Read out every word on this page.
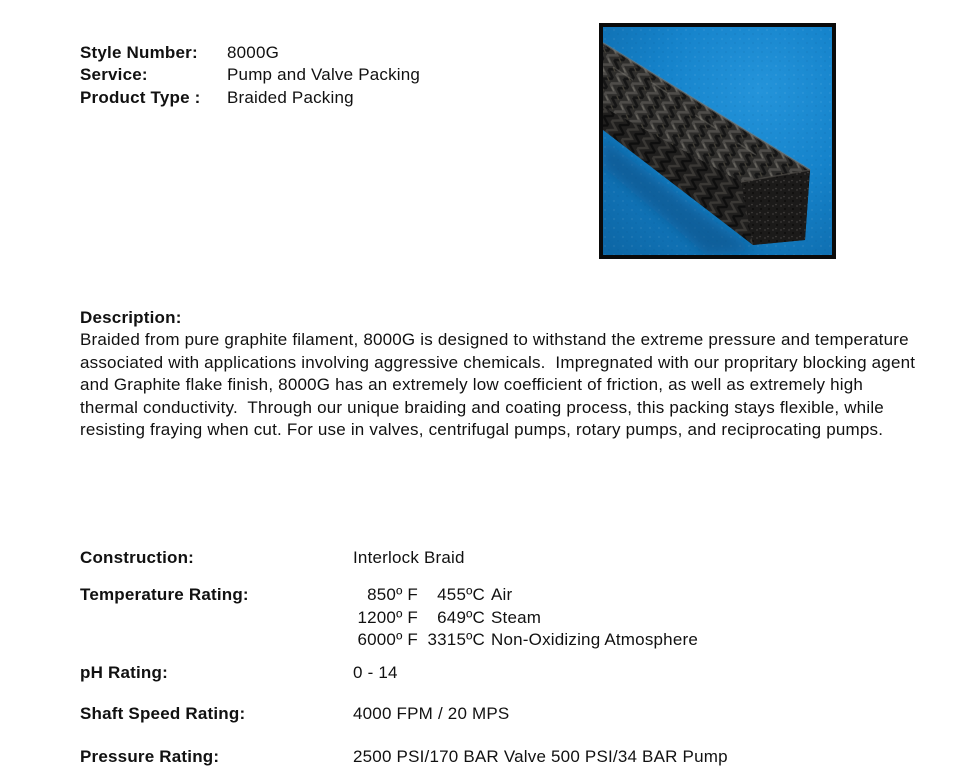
Style Number:	8000G
Service:	Pump and Valve Packing
Product Type :	Braided Packing
Description:

Braided from pure graphite filament, 8000G is designed to withstand the extreme pressure and temperature associated with applications involving aggressive chemicals.  Impregnated with our propritary blocking agent and Graphite flake finish, 8000G has an extremely low coefficient of friction, as well as extremely high thermal conductivity.  Through our unique braiding and coating process, this packing stays flexible, while resisting fraying when cut. For use in valves, centrifugal pumps, rotary pumps, and reciprocating pumps.

Construction:	Interlock Braid
Temperature Rating:	850º F 455ºC Air
1200º F 649ºC Steam
6000º F 3315ºC Non-Oxidizing Atmosphere
pH Rating:	0 - 14
Shaft Speed Rating:	4000 FPM / 20 MPS
Pressure Rating:	2500 PSI/170 BAR Valve 500 PSI/34 BAR Pump
